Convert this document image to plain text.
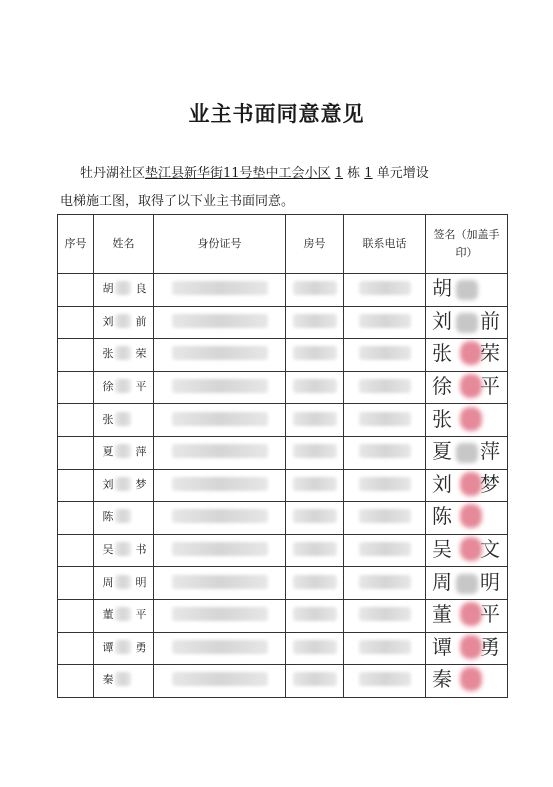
业主书面同意意见
牡丹湖社区垫江县新华街11号垫中工会小区 1 栋 1 单元增设
电梯施工图，取得了以下业主书面同意。
序号	姓名	身份证号	房号	联系电话	签名（加盖手印）

	胡 良				胡

	刘 前				刘 前

	张 荣				张 荣

	徐 平				徐 平

	张				张

	夏 萍				夏 萍

	刘 梦				刘 梦

	陈				陈

	吴 书				吴 文

	周 明				周 明

	董 平				董 平

	谭 勇				谭 勇

	秦				秦
